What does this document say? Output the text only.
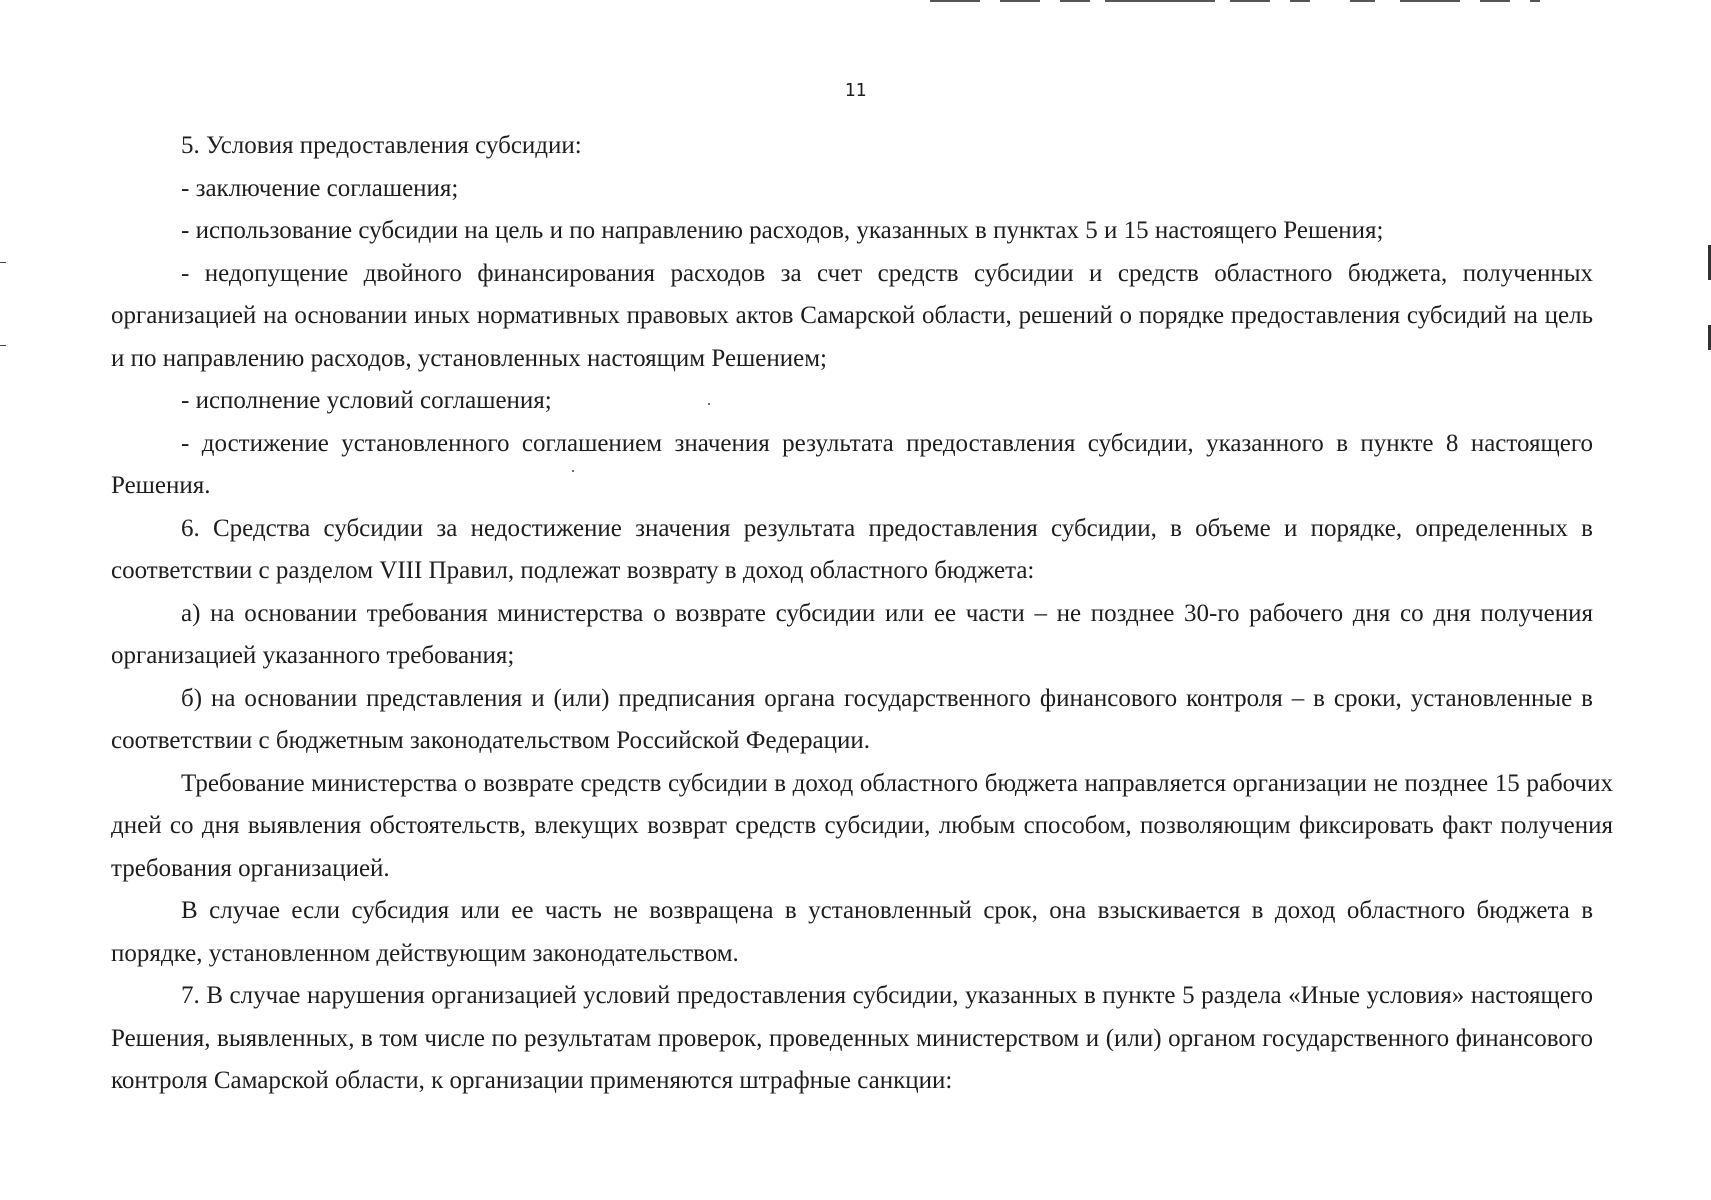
11

5. Условия предоставления субсидии:

- заключение соглашения;

- использование субсидии на цель и по направлению расходов, указанных в пунктах 5 и 15 настоящего Решения;

- недопущение двойного финансирования расходов за счет средств субсидии и средств областного бюджета, полученных организацией на основании иных нормативных правовых актов Самарской области, решений о порядке предоставления субсидий на цель и по направлению расходов, установленных настоящим Решением;

- исполнение условий соглашения;

- достижение установленного соглашением значения результата предоставления субсидии, указанного в пункте 8 настоящего Решения.

6. Средства субсидии за недостижение значения результата предоставления субсидии, в объеме и порядке, определенных в соответствии с разделом VIII Правил, подлежат возврату в доход областного бюджета:

а) на основании требования министерства о возврате субсидии или ее части – не позднее 30-го рабочего дня со дня получения организацией указанного требования;

б) на основании представления и (или) предписания органа государственного финансового контроля – в сроки, установленные в соответствии с бюджетным законодательством Российской Федерации.

Требование министерства о возврате средств субсидии в доход областного бюджета направляется организации не позднее 15 рабочих дней со дня выявления обстоятельств, влекущих возврат средств субсидии, любым способом, позволяющим фиксировать факт получения требования организацией.

В случае если субсидия или ее часть не возвращена в установленный срок, она взыскивается в доход областного бюджета в порядке, установленном действующим законодательством.

7. В случае нарушения организацией условий предоставления субсидии, указанных в пункте 5 раздела «Иные условия» настоящего Решения, выявленных, в том числе по результатам проверок, проведенных министерством и (или) органом государственного финансового контроля Самарской области, к организации применяются штрафные санкции:
